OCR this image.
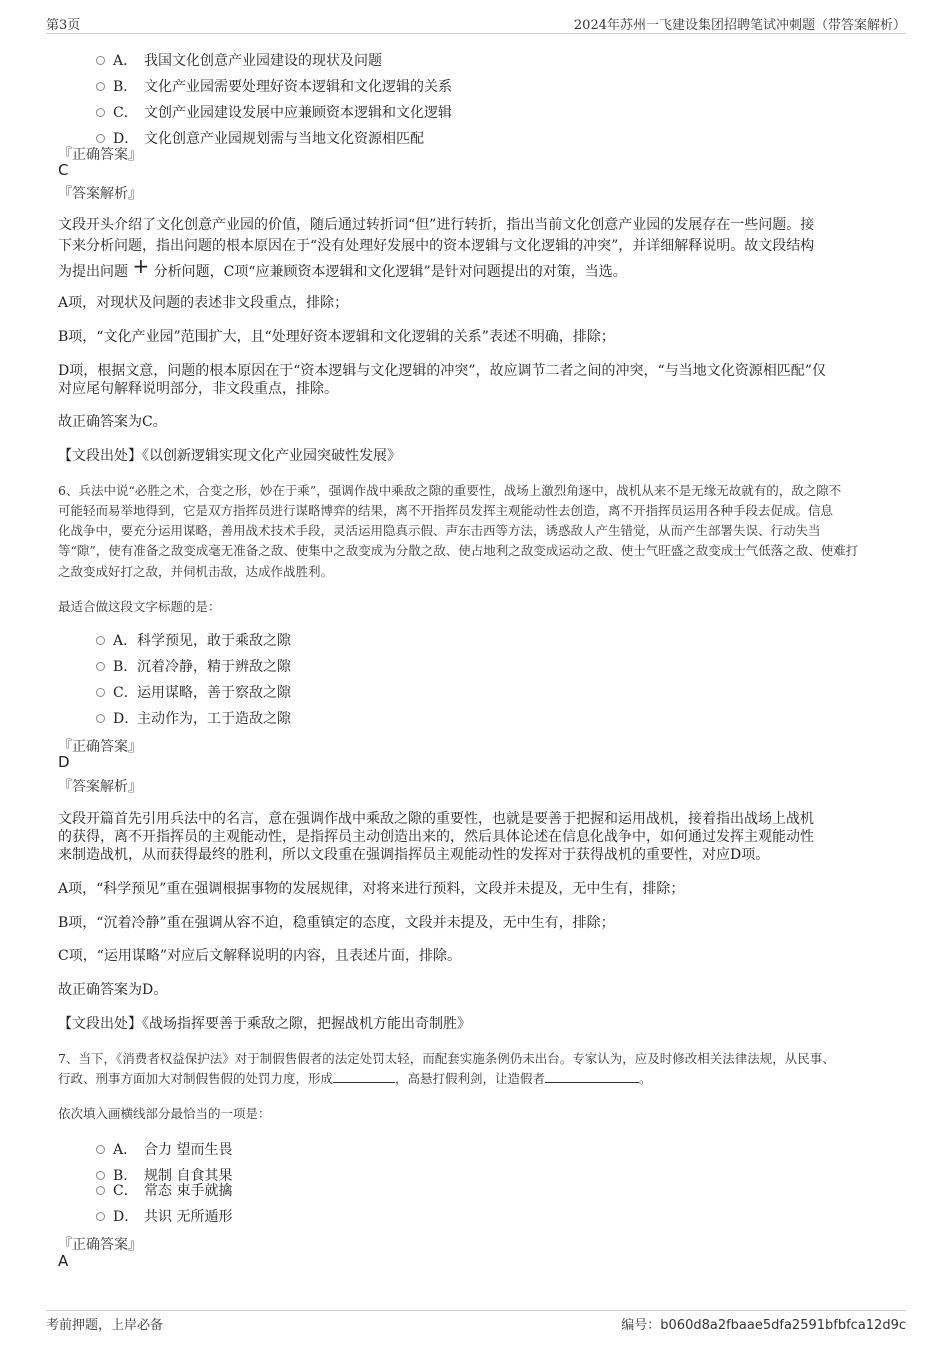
第3页	2024年苏州一飞建设集团招聘笔试冲刺题（带答案解析）
A． 我国文化创意产业园建设的现状及问题
B． 文化产业园需要处理好资本逻辑和文化逻辑的关系
C． 文创产业园建设发展中应兼顾资本逻辑和文化逻辑
D． 文化创意产业园规划需与当地文化资源相匹配
『正确答案』
C
『答案解析』
文段开头介绍了文化创意产业园的价值，随后通过转折词“但”进行转折，指出当前文化创意产业园的发展存在一些问题。接
下来分析问题，指出问题的根本原因在于“没有处理好发展中的资本逻辑与文化逻辑的冲突”，并详细解释说明。故文段结构
为提出问题 + 分析问题，C项“应兼顾资本逻辑和文化逻辑”是针对问题提出的对策，当选。
A项，对现状及问题的表述非文段重点，排除；
B项，“文化产业园”范围扩大，且“处理好资本逻辑和文化逻辑的关系”表述不明确，排除；
D项，根据文意，问题的根本原因在于“资本逻辑与文化逻辑的冲突”，故应调节二者之间的冲突，“与当地文化资源相匹配”仅
对应尾句解释说明部分，非文段重点，排除。
故正确答案为C。
【文段出处】《以创新逻辑实现文化产业园突破性发展》
6、兵法中说“必胜之术，合变之形，妙在于乘”，强调作战中乘敌之隙的重要性，战场上激烈角逐中，战机从来不是无缘无故就有的，敌之隙不
可能轻而易举地得到，它是双方指挥员进行谋略博弈的结果，离不开指挥员发挥主观能动性去创造，离不开指挥员运用各种手段去促成。信息
化战争中，要充分运用谋略，善用战术技术手段，灵活运用隐真示假、声东击西等方法，诱惑敌人产生错觉，从而产生部署失误、行动失当
等“隙”，使有准备之敌变成毫无准备之敌、使集中之敌变成为分散之敌、使占地利之敌变成运动之敌、使士气旺盛之敌变成士气低落之敌、使难打
之敌变成好打之敌，并伺机击敌，达成作战胜利。
最适合做这段文字标题的是：
A．科学预见，敢于乘敌之隙
B．沉着冷静，精于辨敌之隙
C．运用谋略，善于察敌之隙
D．主动作为，工于造敌之隙
『正确答案』
D
『答案解析』
文段开篇首先引用兵法中的名言，意在强调作战中乘敌之隙的重要性，也就是要善于把握和运用战机，接着指出战场上战机
的获得，离不开指挥员的主观能动性，是指挥员主动创造出来的，然后具体论述在信息化战争中，如何通过发挥主观能动性
来制造战机，从而获得最终的胜利，所以文段重在强调指挥员主观能动性的发挥对于获得战机的重要性，对应D项。
A项，“科学预见”重在强调根据事物的发展规律，对将来进行预料，文段并未提及，无中生有，排除；
B项，“沉着冷静”重在强调从容不迫，稳重镇定的态度，文段并未提及，无中生有，排除；
C项，“运用谋略”对应后文解释说明的内容，且表述片面，排除。
故正确答案为D。
【文段出处】《战场指挥要善于乘敌之隙，把握战机方能出奇制胜》
7、当下，《消费者权益保护法》对于制假售假者的法定处罚太轻，而配套实施条例仍未出台。专家认为，应及时修改相关法律法规，从民事、
行政、刑事方面加大对制假售假的处罚力度，形成	，高悬打假利剑，让造假者	。
依次填入画横线部分最恰当的一项是：
A． 合力 望而生畏
B． 规制 自食其果
C． 常态 束手就擒
D． 共识 无所遁形
『正确答案』
A
考前押题，上岸必备	编号：b060d8a2fbaae5dfa2591bfbfca12d9c
